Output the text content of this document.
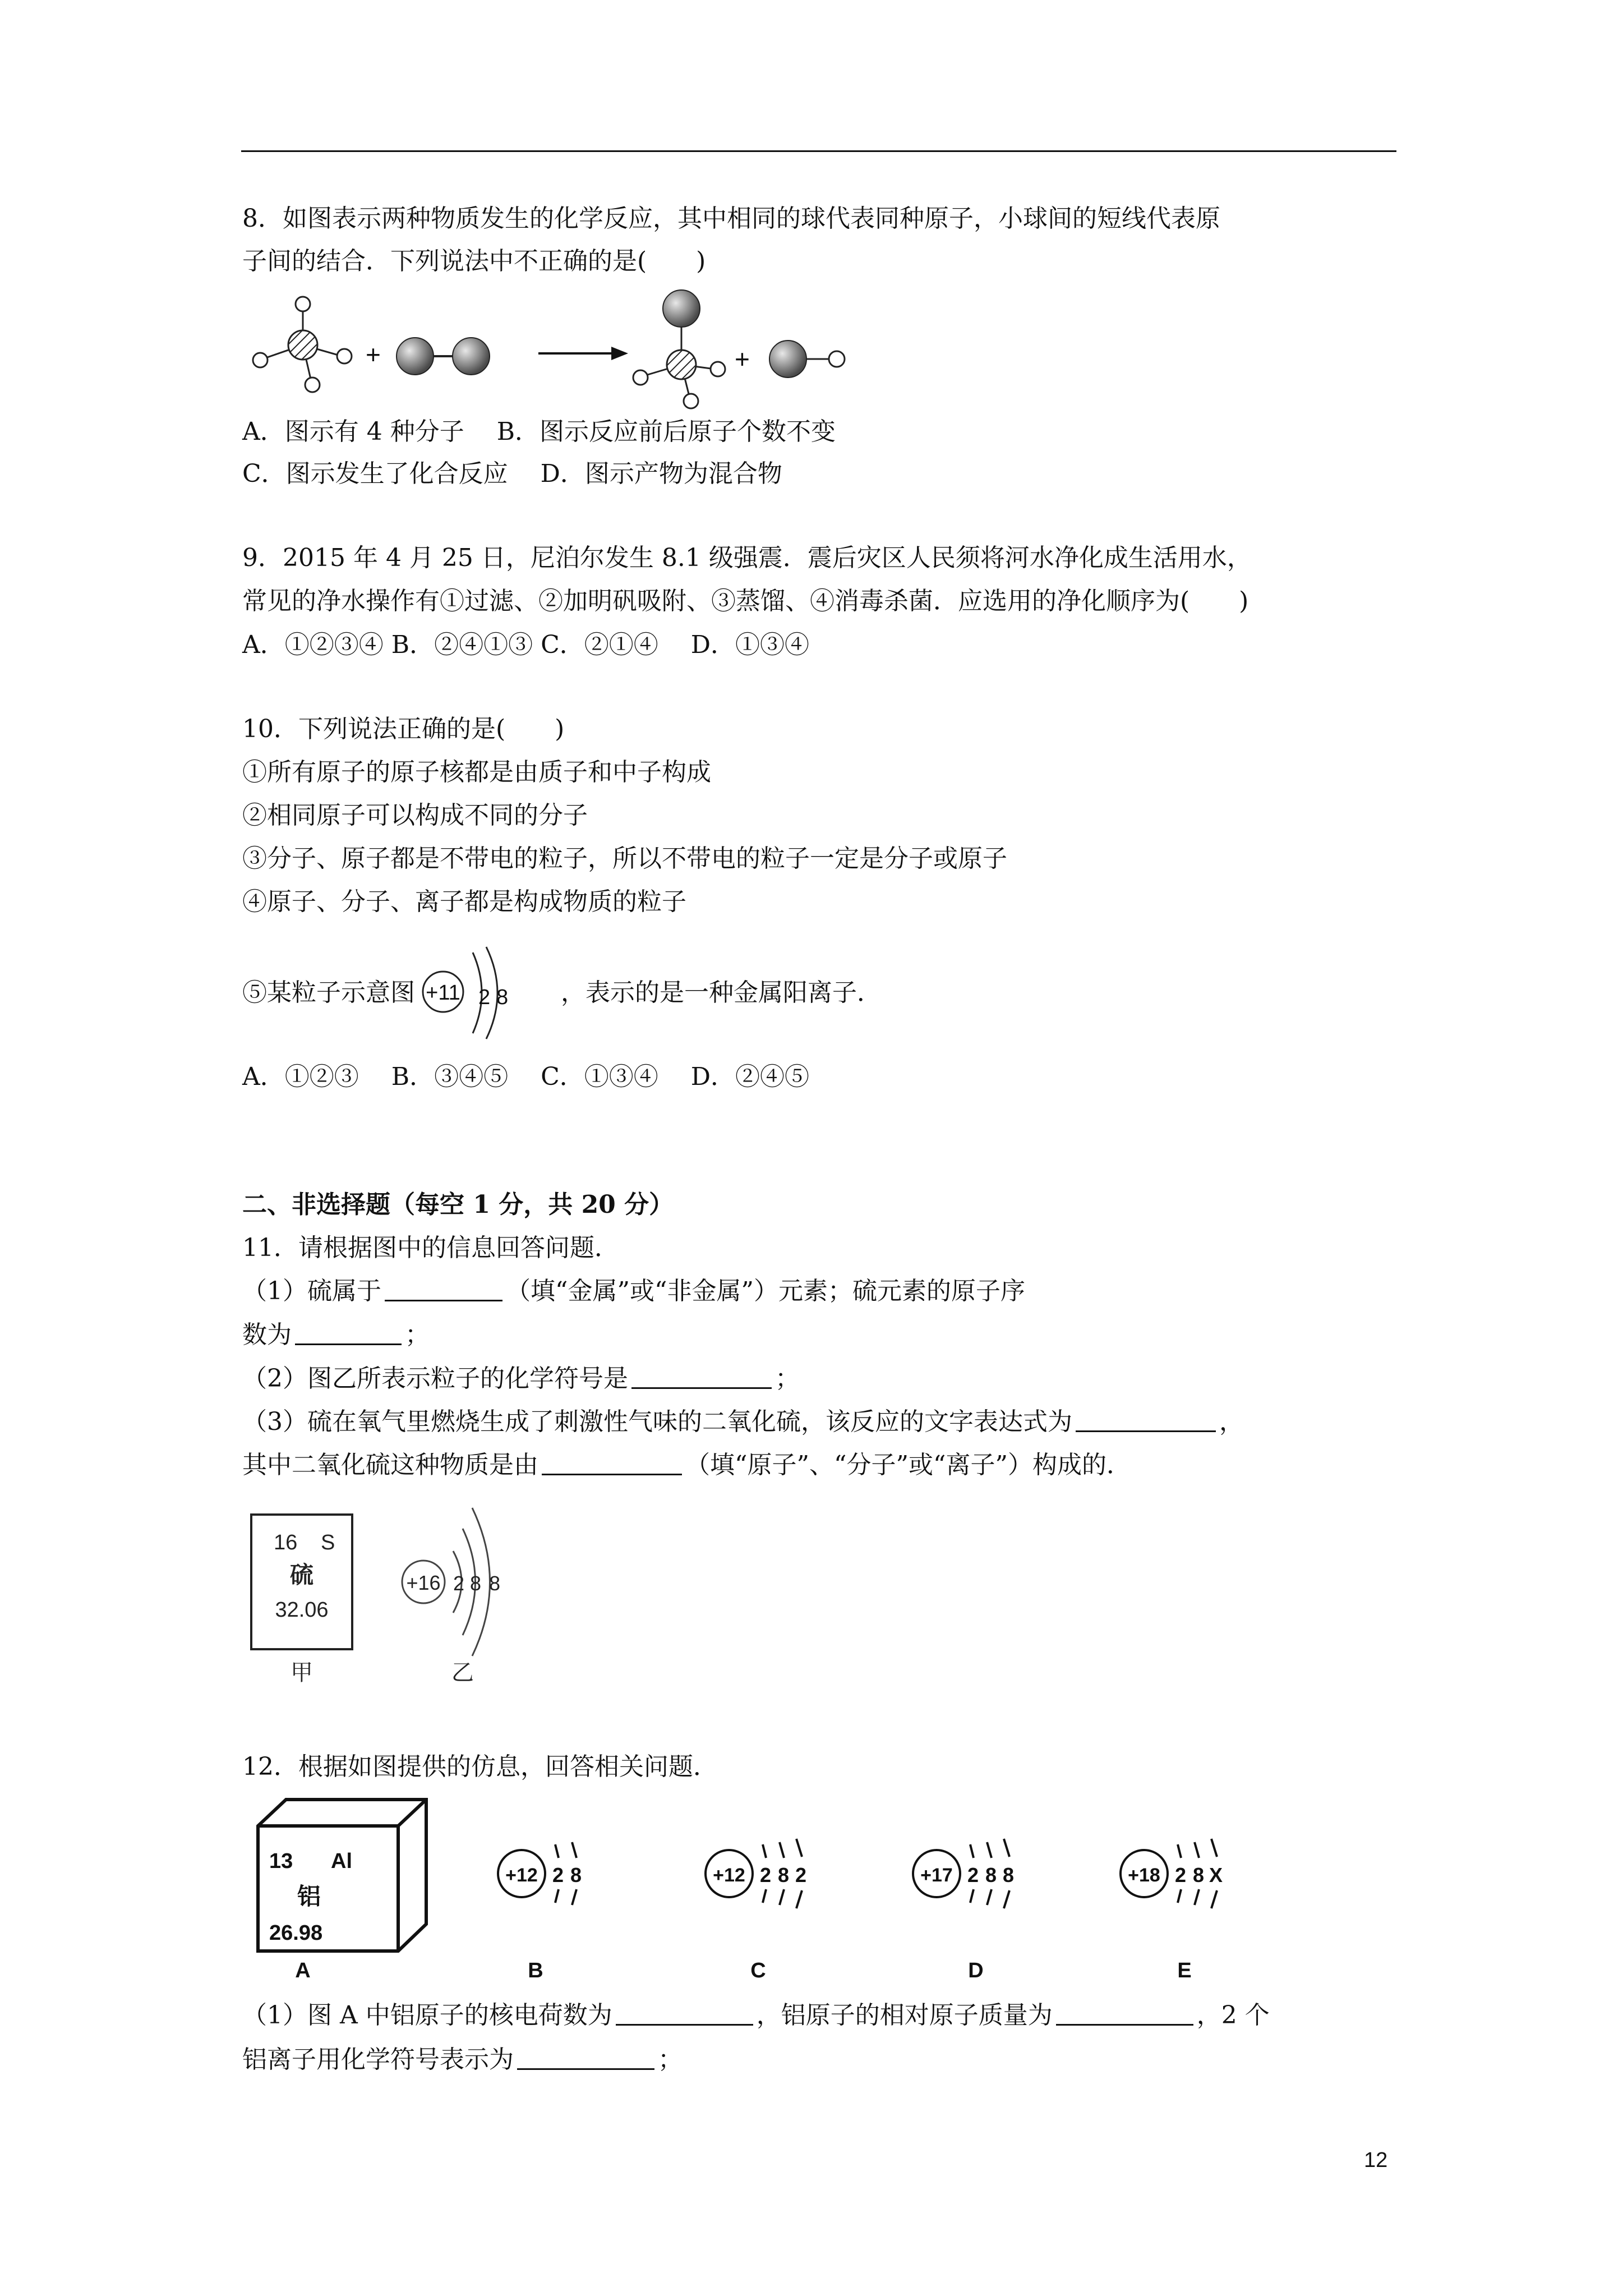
8．如图表示两种物质发生的化学反应，其中相同的球代表同种原子，小球间的短线代表原
子间的结合．下列说法中不正确的是(　　)
+	+
A．图示有 4 种分子　 B．图示反应前后原子个数不变
C．图示发生了化合反应　 D．图示产物为混合物
9．2015 年 4 月 25 日，尼泊尔发生 8.1 级强震．震后灾区人民须将河水净化成生活用水，
常见的净水操作有①过滤、②加明矾吸附、③蒸馏、④消毒杀菌．应选用的净化顺序为(　　)
A．①②③④ B．②④①③ C．②①④　 D．①③④
10．下列说法正确的是(　　)
①所有原子的原子核都是由质子和中子构成
②相同原子可以构成不同的分子
③分子、原子都是不带电的粒子，所以不带电的粒子一定是分子或原子
④原子、分子、离子都是构成物质的粒子
⑤某粒子示意图 +11 2 8 ，表示的是一种金属阳离子．
A．①②③　 B．③④⑤　 C．①③④　 D．②④⑤
二、非选择题（每空 1 分，共 20 分）
11．请根据图中的信息回答问题．
（1）硫属于	（填“金属”或“非金属”）元素；硫元素的原子序
数为	；
（2）图乙所表示粒子的化学符号是	；
（3）硫在氧气里燃烧生成了刺激性气味的二氧化硫，该反应的文字表达式为	，
其中二氧化硫这种物质是由	（填“原子”、“分子”或“离子”）构成的．
16 S
硫
32.06
甲
+16 2 8 8
乙
12．根据如图提供的仿息，回答相关问题．
13 Al
铝
26.98
A
+12 2 8
B
+12 2 8 2
C
+17 2 8 8
D
+18 2 8 X
E
（1）图 A 中铝原子的核电荷数为	，铝原子的相对原子质量为	，2 个
铝离子用化学符号表示为	；
12
